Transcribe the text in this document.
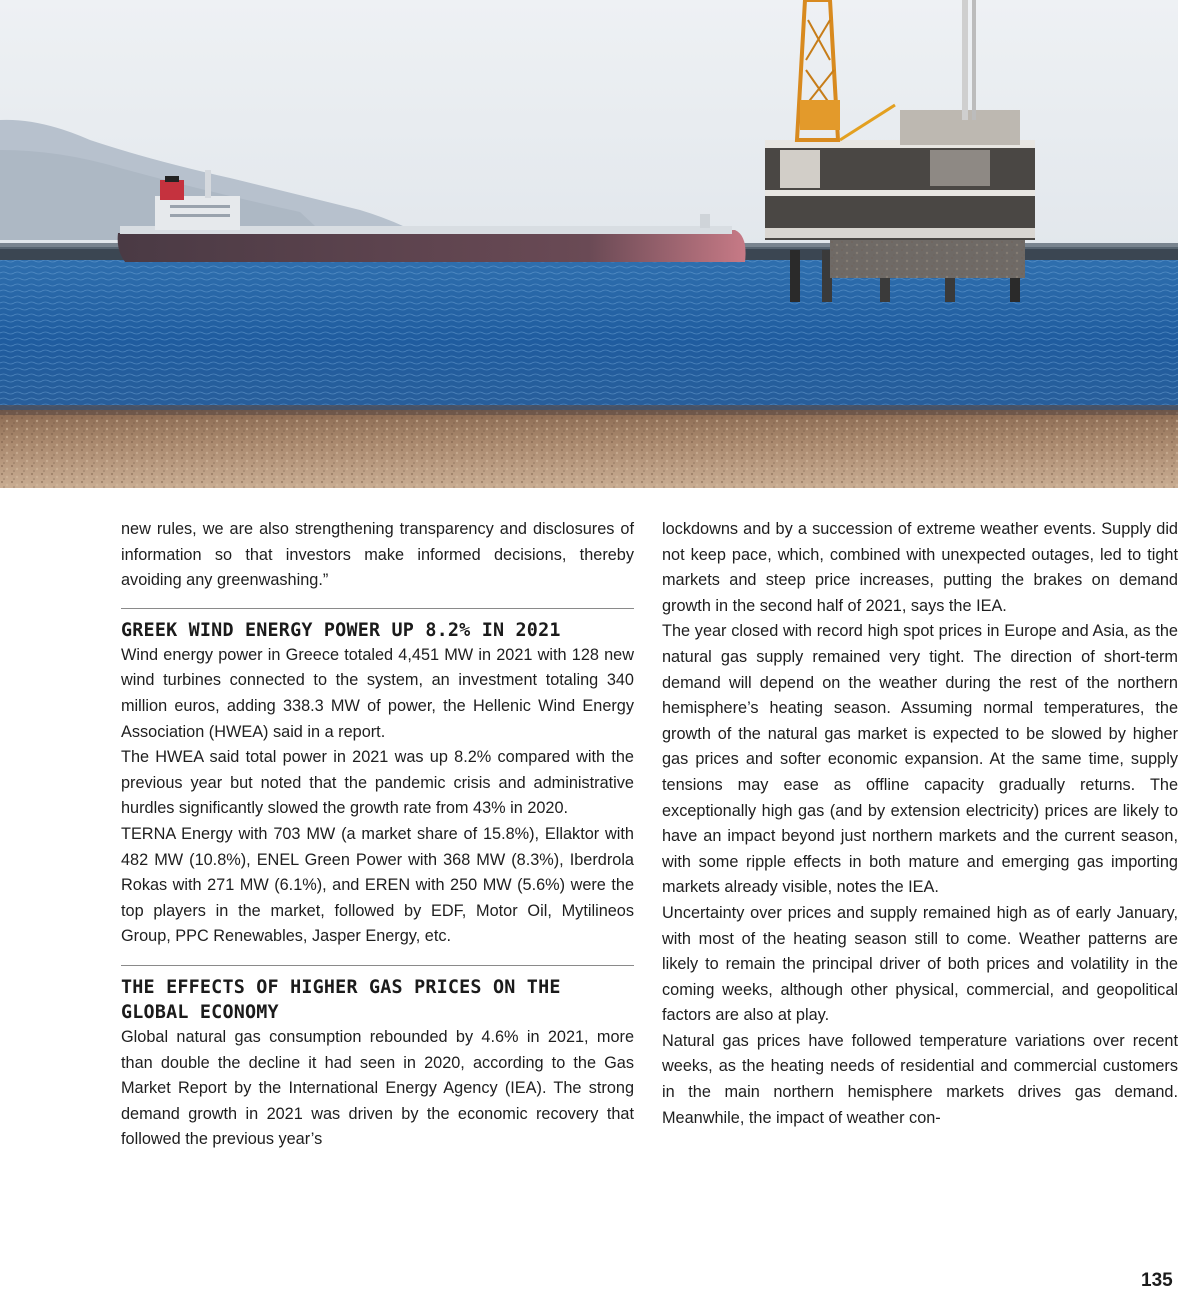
new rules, we are also strengthening transparency and disclosures of information so that investors make informed decisions, thereby avoiding any greenwashing.”

GREEK WIND ENERGY POWER UP 8.2% IN 2021

Wind energy power in Greece totaled 4,451 MW in 2021 with 128 new wind turbines connected to the system, an investment totaling 340 million euros, adding 338.3 MW of power, the Hellenic Wind Energy Association (HWEA) said in a report.

The HWEA said total power in 2021 was up 8.2% compared with the previous year but noted that the pandemic crisis and administrative hurdles significantly slowed the growth rate from 43% in 2020.

TERNA Energy with 703 MW (a market share of 15.8%), Ellaktor with 482 MW (10.8%), ENEL Green Power with 368 MW (8.3%), Iberdrola Rokas with 271 MW (6.1%), and EREN with 250 MW (5.6%) were the top players in the market, followed by EDF, Motor Oil, Mytilineos Group, PPC Renewables, Jasper Energy, etc.

THE EFFECTS OF HIGHER GAS PRICES ON THE GLOBAL ECONOMY

Global natural gas consumption rebounded by 4.6% in 2021, more than double the decline it had seen in 2020, according to the Gas Market Report by the International Energy Agency (IEA). The strong demand growth in 2021 was driven by the economic recovery that followed the previous year’s

lockdowns and by a succession of extreme weather events. Supply did not keep pace, which, combined with unexpected outages, led to tight markets and steep price increases, putting the brakes on demand growth in the second half of 2021, says the IEA.

The year closed with record high spot prices in Europe and Asia, as the natural gas supply remained very tight. The direction of short-term demand will depend on the weather during the rest of the northern hemisphere’s heating season. Assuming normal temperatures, the growth of the natural gas market is expected to be slowed by higher gas prices and softer economic expansion. At the same time, supply tensions may ease as offline capacity gradually returns. The exceptionally high gas (and by extension electricity) prices are likely to have an impact beyond just northern markets and the current season, with some ripple effects in both mature and emerging gas importing markets already visible, notes the IEA.

Uncertainty over prices and supply remained high as of early January, with most of the heating season still to come. Weather patterns are likely to remain the principal driver of both prices and volatility in the coming weeks, although other physical, commercial, and geopolitical factors are also at play.

Natural gas prices have followed temperature variations over recent weeks, as the heating needs of residential and commercial customers in the main northern hemisphere markets drives gas demand. Meanwhile, the impact of weather con-

135
